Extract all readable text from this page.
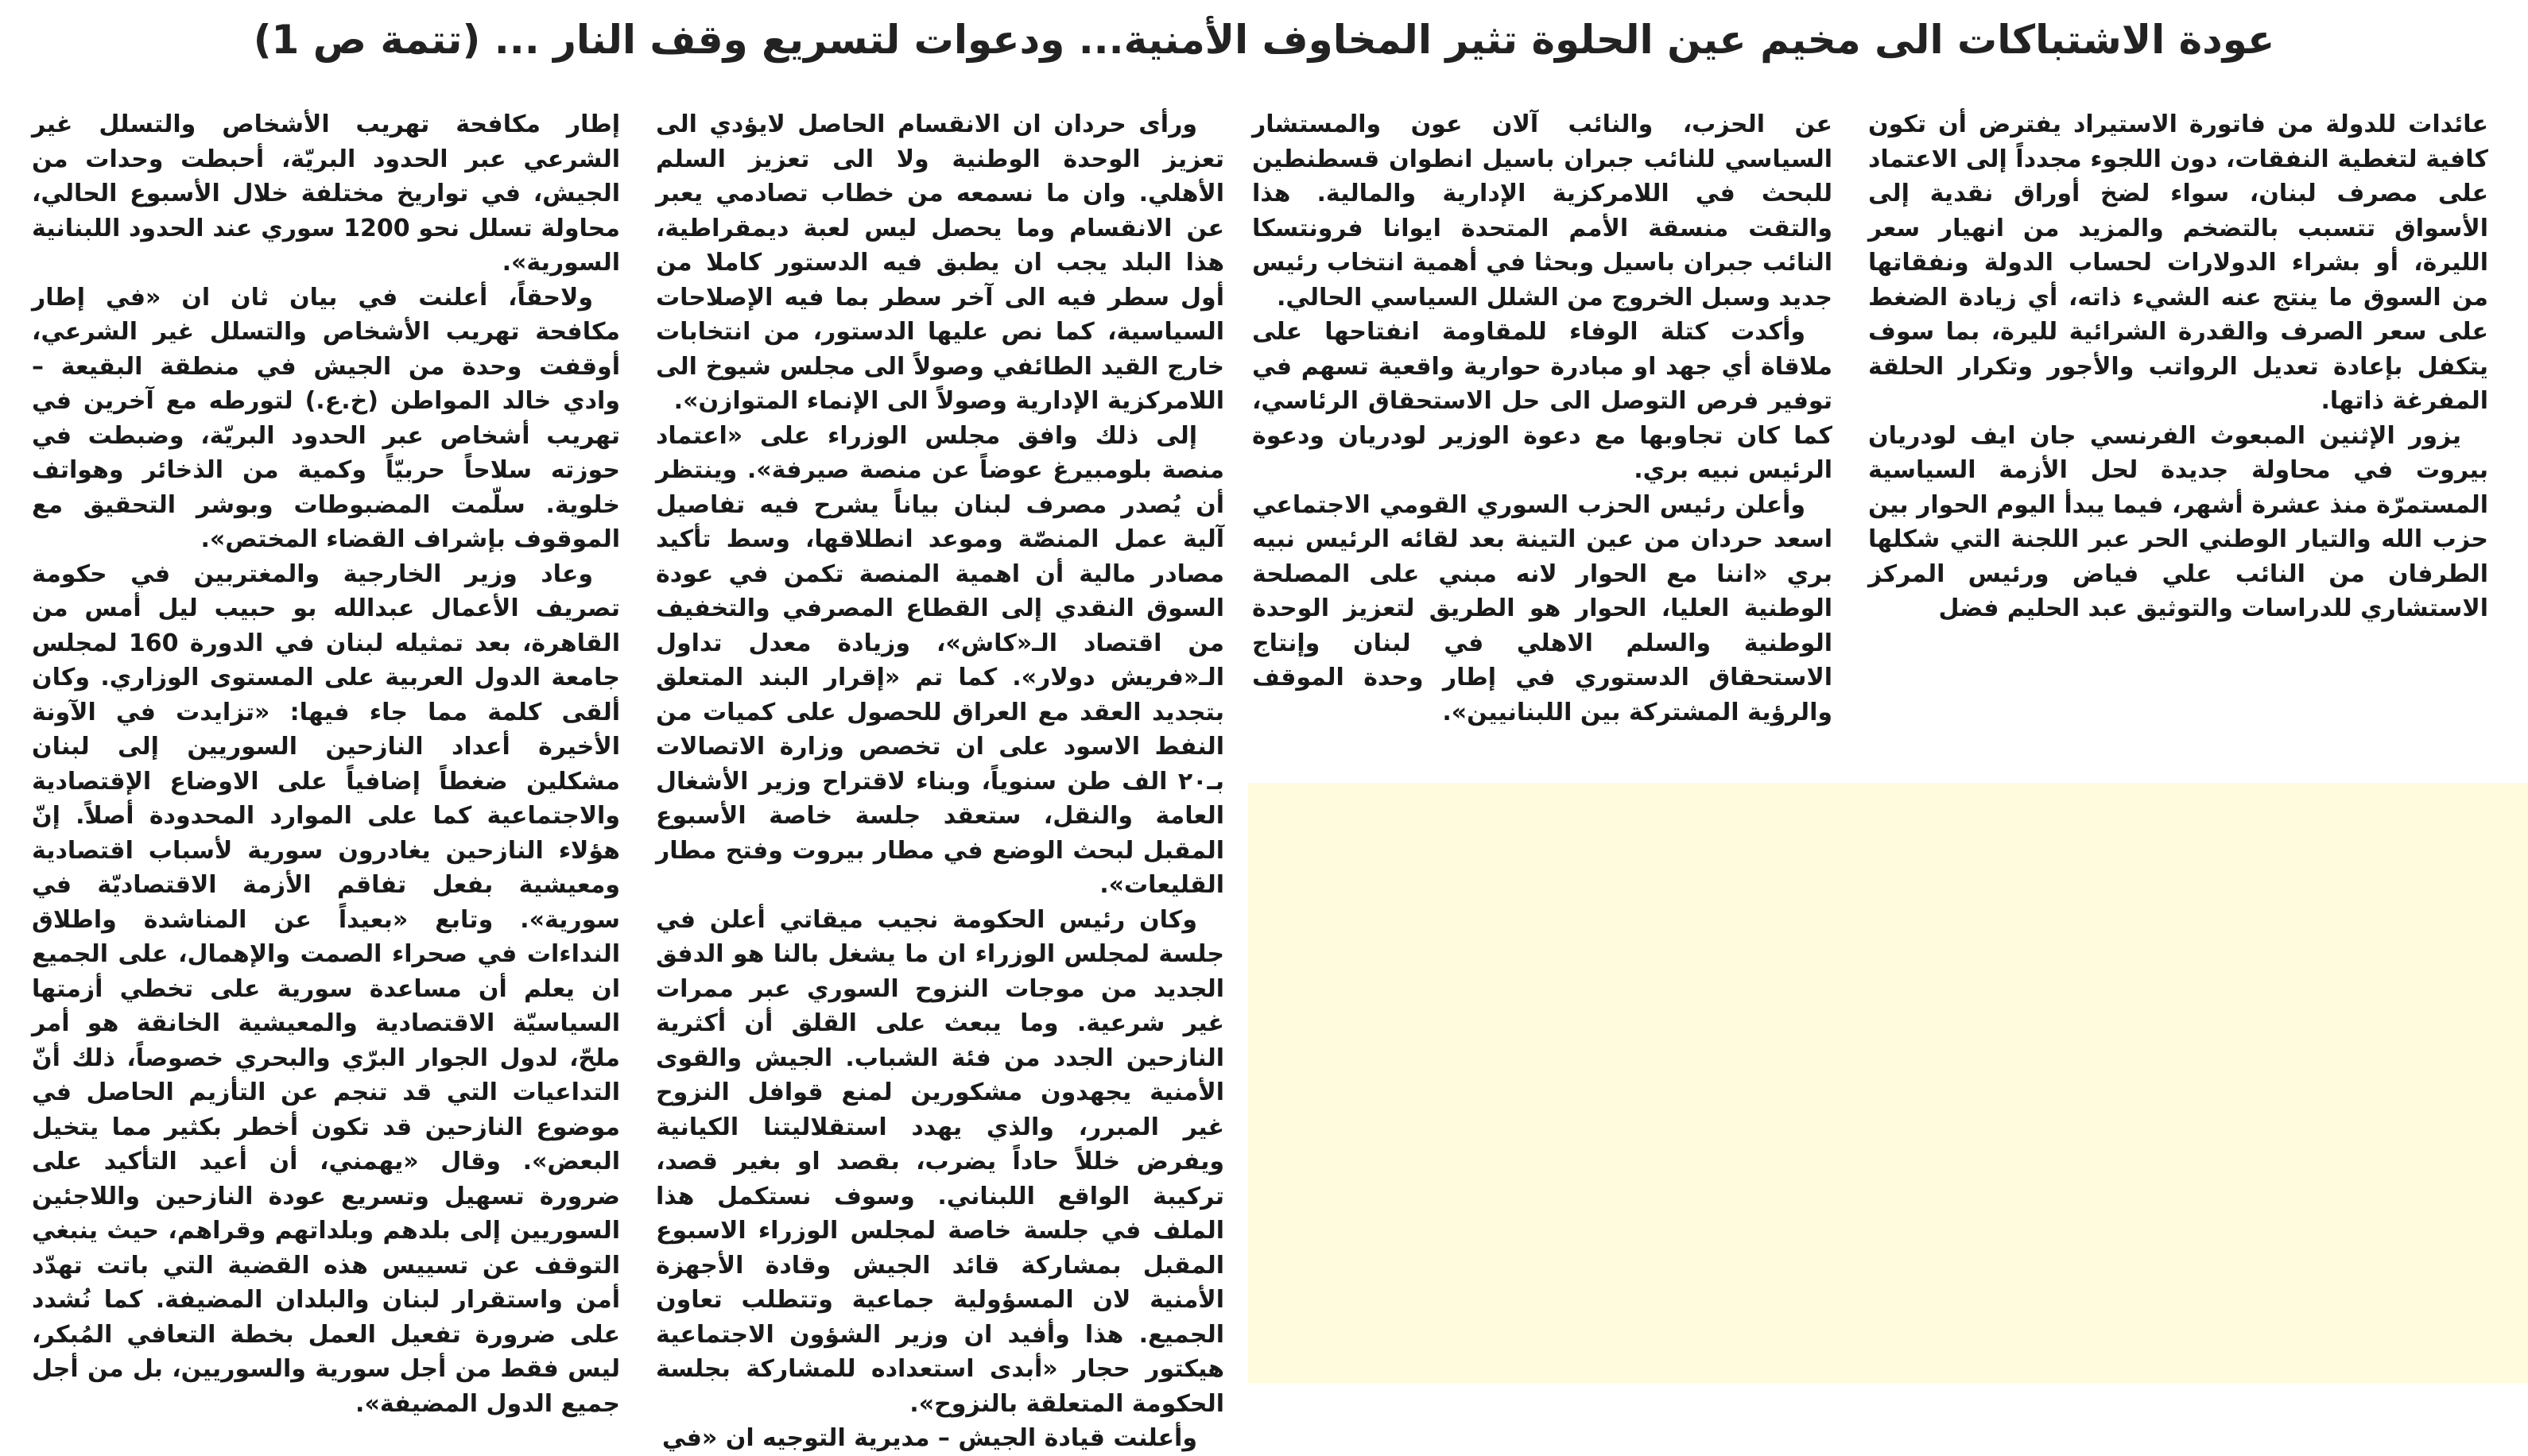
عودة الاشتباكات الى مخيم عين الحلوة تثير المخاوف الأمنية... ودعوات لتسريع وقف النار ... (تتمة ص 1)

عائدات للدولة من فاتورة الاستيراد يفترض أن تكون كافية لتغطية النفقات، دون اللجوء مجدداً إلى الاعتماد على مصرف لبنان، سواء لضخ أوراق نقدية إلى الأسواق تتسبب بالتضخم والمزيد من انهيار سعر الليرة، أو بشراء الدولارات لحساب الدولة ونفقاتها من السوق ما ينتج عنه الشيء ذاته، أي زيادة الضغط على سعر الصرف والقدرة الشرائية لليرة، بما سوف يتكفل بإعادة تعديل الرواتب والأجور وتكرار الحلقة المفرغة ذاتها.

يزور الإثنين المبعوث الفرنسي جان ايف لودريان بيروت في محاولة جديدة لحل الأزمة السياسية المستمرّة منذ عشرة أشهر، فيما يبدأ اليوم الحوار بين حزب الله والتيار الوطني الحر عبر اللجنة التي شكلها الطرفان من النائب علي فياض ورئيس المركز الاستشاري للدراسات والتوثيق عبد الحليم فضل

عن الحزب، والنائب آلان عون والمستشار السياسي للنائب جبران باسيل انطوان قسطنطين للبحث في اللامركزية الإدارية والمالية. هذا والتقت منسقة الأمم المتحدة ايوانا فرونتسكا النائب جبران باسيل وبحثا في أهمية انتخاب رئيس جديد وسبل الخروج من الشلل السياسي الحالي.

وأكدت كتلة الوفاء للمقاومة انفتاحها على ملاقاة أي جهد او مبادرة حوارية واقعية تسهم في توفير فرص التوصل الى حل الاستحقاق الرئاسي، كما كان تجاوبها مع دعوة الوزير لودريان ودعوة الرئيس نبيه بري.

وأعلن رئيس الحزب السوري القومي الاجتماعي اسعد حردان من عين التينة بعد لقائه الرئيس نبيه بري «اننا مع الحوار لانه مبني على المصلحة الوطنية العليا، الحوار هو الطريق لتعزيز الوحدة الوطنية والسلم الاهلي في لبنان وإنتاج الاستحقاق الدستوري في إطار وحدة الموقف والرؤية المشتركة بين اللبنانيين».

ورأى حردان ان الانقسام الحاصل لايؤدي الى تعزيز الوحدة الوطنية ولا الى تعزيز السلم الأهلي. وان ما نسمعه من خطاب تصادمي يعبر عن الانقسام وما يحصل ليس لعبة ديمقراطية، هذا البلد يجب ان يطبق فيه الدستور كاملا من أول سطر فيه الى آخر سطر بما فيه الإصلاحات السياسية، كما نص عليها الدستور، من انتخابات خارج القيد الطائفي وصولاً الى مجلس شيوخ الى اللامركزية الإدارية وصولاً الى الإنماء المتوازن».

إلى ذلك وافق مجلس الوزراء على «اعتماد منصة بلومبيرغ عوضاً عن منصة صيرفة». وينتظر أن يُصدر مصرف لبنان بياناً يشرح فيه تفاصيل آلية عمل المنصّة وموعد انطلاقها، وسط تأكيد مصادر مالية أن اهمية المنصة تكمن في عودة السوق النقدي إلى القطاع المصرفي والتخفيف من اقتصاد الـ«كاش»، وزيادة معدل تداول الـ«فريش دولار». كما تم «إقرار البند المتعلق بتجديد العقد مع العراق للحصول على كميات من النفط الاسود على ان تخصص وزارة الاتصالات بـ٢٠ الف طن سنوياً، وبناء لاقتراح وزير الأشغال العامة والنقل، ستعقد جلسة خاصة الأسبوع المقبل لبحث الوضع في مطار بيروت وفتح مطار القليعات».

وكان رئيس الحكومة نجيب ميقاتي أعلن في جلسة لمجلس الوزراء ان ما يشغل بالنا هو الدفق الجديد من موجات النزوح السوري عبر ممرات غير شرعية. وما يبعث على القلق أن أكثرية النازحين الجدد من فئة الشباب. الجيش والقوى الأمنية يجهدون مشكورين لمنع قوافل النزوح غير المبرر، والذي يهدد استقلاليتنا الكيانية ويفرض خللاً حاداً يضرب، بقصد او بغير قصد، تركيبة الواقع اللبناني. وسوف نستكمل هذا الملف في جلسة خاصة لمجلس الوزراء الاسبوع المقبل بمشاركة قائد الجيش وقادة الأجهزة الأمنية لان المسؤولية جماعية وتتطلب تعاون الجميع. هذا وأفيد ان وزير الشؤون الاجتماعية هيكتور حجار «أبدى استعداده للمشاركة بجلسة الحكومة المتعلقة بالنزوح».

وأعلنت قيادة الجيش – مديرية التوجيه ان «في

إطار مكافحة تهريب الأشخاص والتسلل غير الشرعي عبر الحدود البريّة، أحبطت وحدات من الجيش، في تواريخ مختلفة خلال الأسبوع الحالي، محاولة تسلل نحو 1200 سوري عند الحدود اللبنانية السورية».

ولاحقاً، أعلنت في بيان ثان ان «في إطار مكافحة تهريب الأشخاص والتسلل غير الشرعي، أوقفت وحدة من الجيش في منطقة البقيعة – وادي خالد المواطن (خ.ع.) لتورطه مع آخرين في تهريب أشخاص عبر الحدود البريّة، وضبطت في حوزته سلاحاً حربيّاً وكمية من الذخائر وهواتف خلوية. سلّمت المضبوطات وبوشر التحقيق مع الموقوف بإشراف القضاء المختص».

وعاد وزير الخارجية والمغتربين في حكومة تصريف الأعمال عبدالله بو حبيب ليل أمس من القاهرة، بعد تمثيله لبنان في الدورة 160 لمجلس جامعة الدول العربية على المستوى الوزاري. وكان ألقى كلمة مما جاء فيها: «تزايدت في الآونة الأخيرة أعداد النازحين السوريين إلى لبنان مشكلين ضغطاً إضافياً على الاوضاع الإقتصادية والاجتماعية كما على الموارد المحدودة أصلاً. إنّ هؤلاء النازحين يغادرون سورية لأسباب اقتصادية ومعيشية بفعل تفاقم الأزمة الاقتصاديّة في سورية». وتابع «بعيداً عن المناشدة واطلاق النداءات في صحراء الصمت والإهمال، على الجميع ان يعلم أن مساعدة سورية على تخطي أزمتها السياسيّة الاقتصادية والمعيشية الخانقة هو أمر ملحّ، لدول الجوار البرّي والبحري خصوصاً، ذلك أنّ التداعيات التي قد تنجم عن التأزيم الحاصل في موضوع النازحين قد تكون أخطر بكثير مما يتخيل البعض». وقال «يهمني، أن أعيد التأكيد على ضرورة تسهيل وتسريع عودة النازحين واللاجئين السوريين إلى بلدهم وبلداتهم وقراهم، حيث ينبغي التوقف عن تسييس هذه القضية التي باتت تهدّد أمن واستقرار لبنان والبلدان المضيفة. كما نُشدد على ضرورة تفعيل العمل بخطة التعافي المُبكر، ليس فقط من أجل سورية والسوريين، بل من أجل جميع الدول المضيفة».
